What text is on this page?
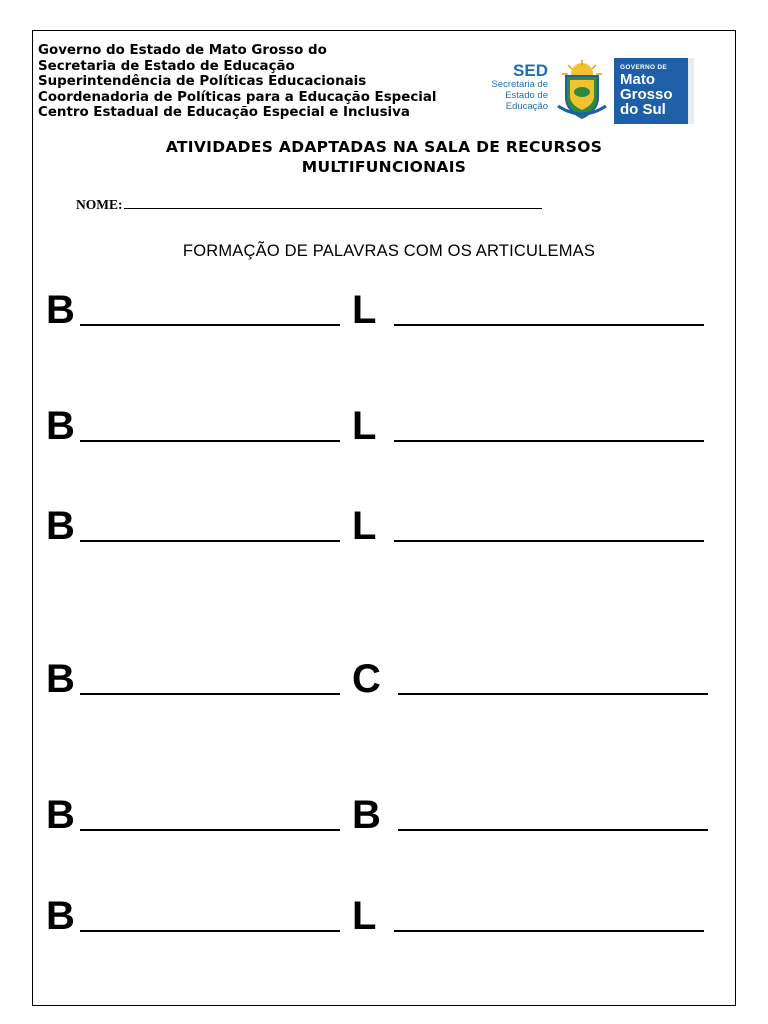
Governo do Estado de Mato Grosso do
Secretaria de Estado de Educação
Superintendência de Políticas Educacionais
Coordenadoria de Políticas para a Educação Especial
Centro Estadual de Educação Especial e Inclusiva
SED
Secretaria de
Estado de
Educação
GOVERNO DE
Mato
Grosso
do Sul
ATIVIDADES ADAPTADAS NA SALA DE RECURSOS
MULTIFUNCIONAIS
NOME:
FORMAÇÃO DE PALAVRAS COM OS ARTICULEMAS
B	L
B	L
B	L
B	C
B	B
B	L
